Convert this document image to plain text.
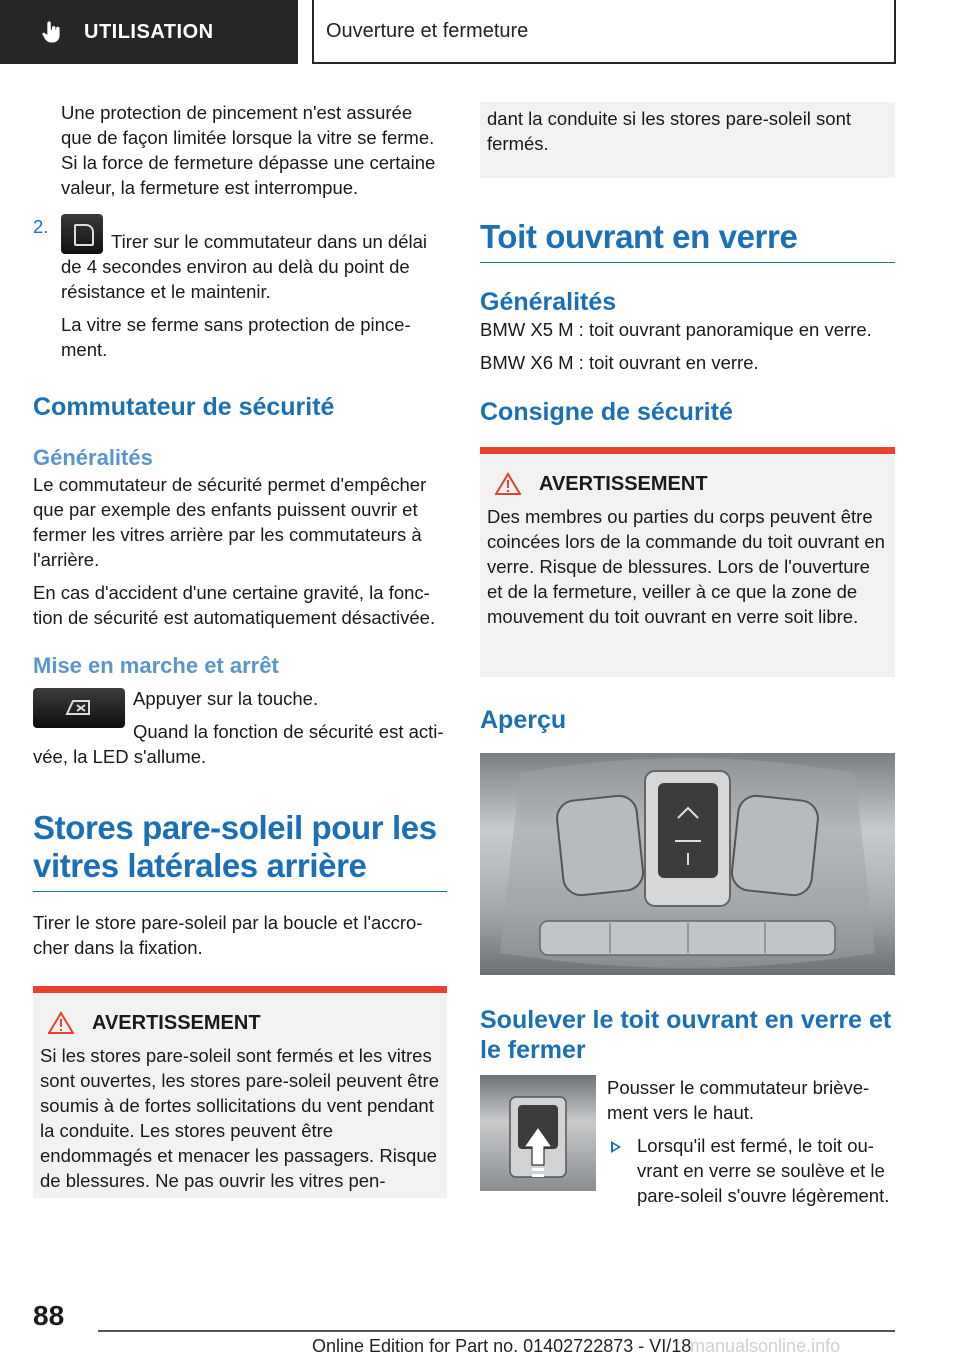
UTILISATION	Ouverture et fermeture

Une protection de pincement n'est assurée que de façon limitée lorsque la vitre se ferme. Si la force de fermeture dépasse une certaine valeur, la fermeture est interrompue.

2.

Tirer sur le commutateur dans un délai de 4 secondes environ au delà du point de résistance et le maintenir.

La vitre se ferme sans protection de pincement.

Commutateur de sécurité
Généralités

Le commutateur de sécurité permet d'empêcher que par exemple des enfants puissent ouvrir et fermer les vitres arrière par les commutateurs à l'arrière.

En cas d'accident d'une certaine gravité, la fonction de sécurité est automatiquement désactivée.

Mise en marche et arrêt

Appuyer sur la touche.

Quand la fonction de sécurité est activée, la LED s'allume.

Stores pare-soleil pour les vitres latérales arrière

Tirer le store pare-soleil par la boucle et l'accrocher dans la fixation.

AVERTISSEMENT

Si les stores pare-soleil sont fermés et les vitres sont ouvertes, les stores pare-soleil peuvent être soumis à de fortes sollicitations du vent pendant la conduite. Les stores peuvent être endommagés et menacer les passagers. Risque de blessures. Ne pas ouvrir les vitres pen-

dant la conduite si les stores pare-soleil sont fermés.

Toit ouvrant en verre
Généralités

BMW X5 M : toit ouvrant panoramique en verre.

BMW X6 M : toit ouvrant en verre.

Consigne de sécurité
AVERTISSEMENT

Des membres ou parties du corps peuvent être coincées lors de la commande du toit ouvrant en verre. Risque de blessures. Lors de l'ouverture et de la fermeture, veiller à ce que la zone de mouvement du toit ouvrant en verre soit libre.

Aperçu
Soulever le toit ouvrant en verre et le fermer

Pousser le commutateur brièvement vers le haut.

Lorsqu'il est fermé, le toit ouvrant en verre se soulève et le pare-soleil s'ouvre légèrement.

88
Online Edition for Part no. 01402722873 - VI/18
manualsonline.info
